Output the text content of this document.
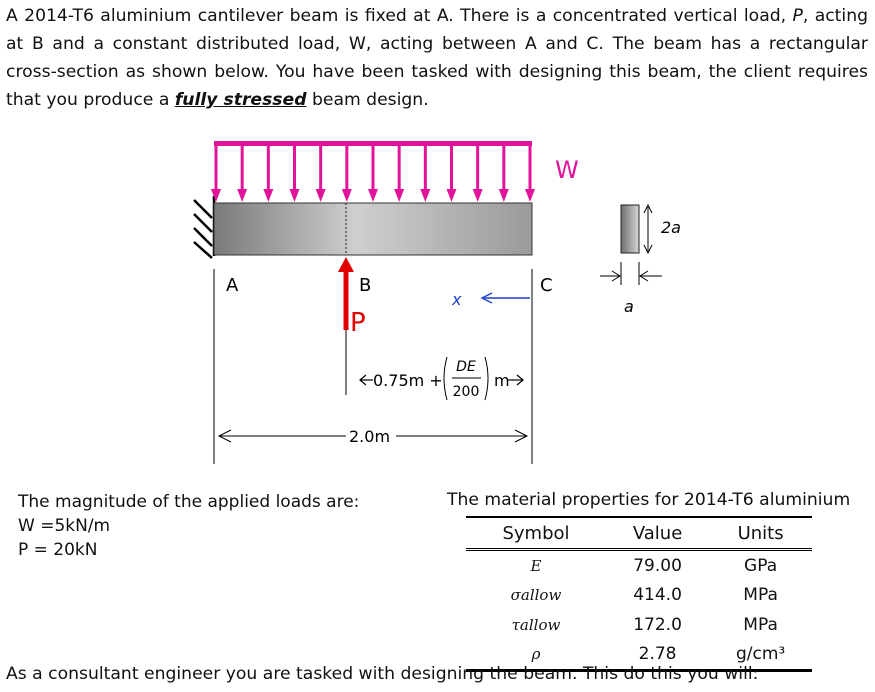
A 2014-T6 aluminium cantilever beam is fixed at A. There is a concentrated vertical load, P, acting at B and a constant distributed load, W, acting between A and C. The beam has a rectangular cross-section as shown below. You have been tasked with designing this beam, the client requires that you produce a fully stressed beam design.

W
A	B	C
P
x
0.75m +
DE
200
m
2.0m
2a
a
The magnitude of the applied loads are:
W =5kN/m
P = 20kN
The material properties for 2014-T6 aluminium
Symbol	Value	Units
E	79.00	GPa
σallow	414.0	MPa
τallow	172.0	MPa
ρ	2.78	g/cm³
As a consultant engineer you are tasked with designing the beam. This do this you will:
